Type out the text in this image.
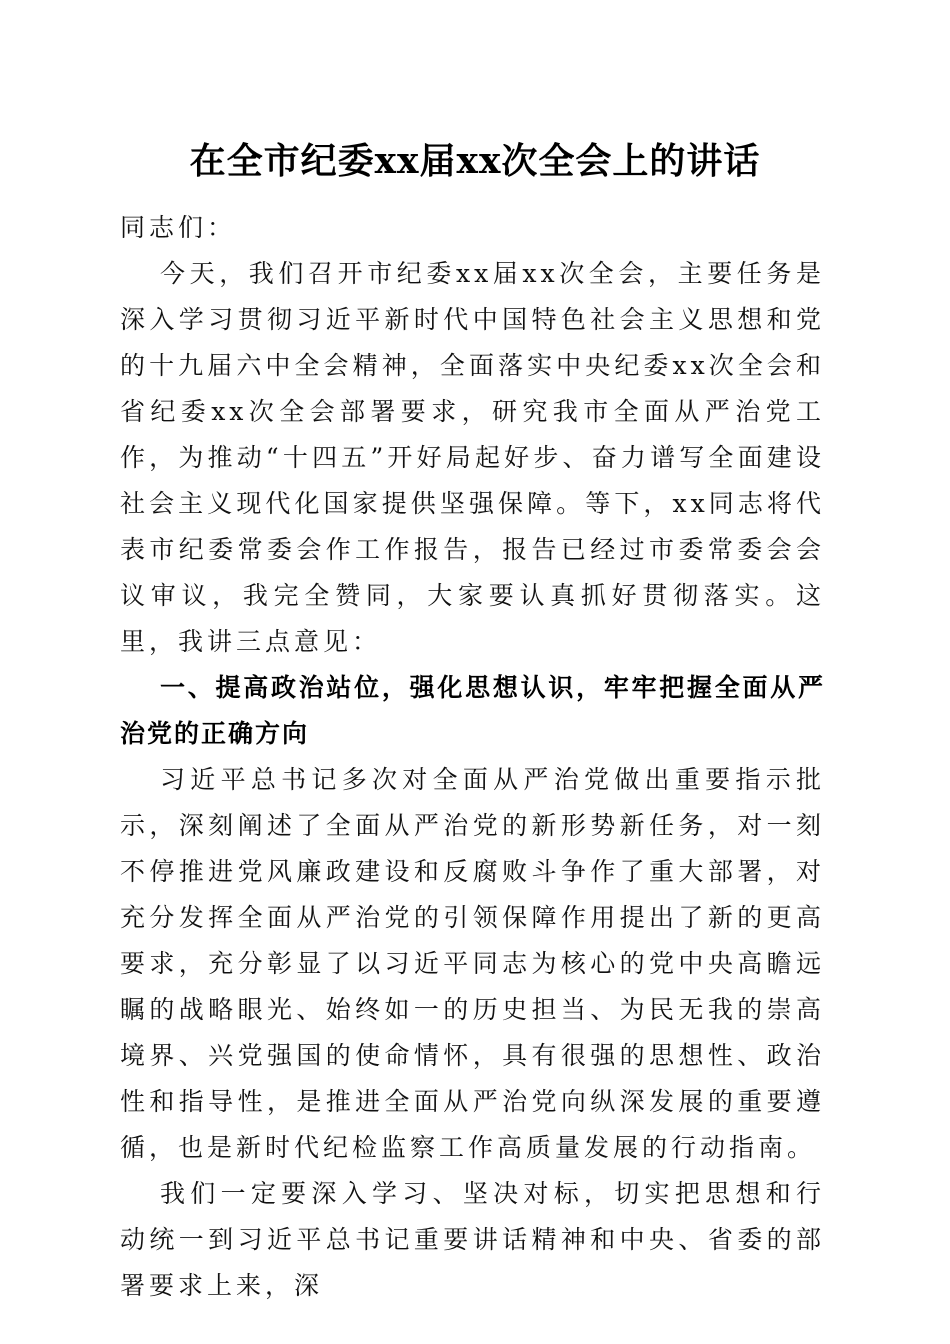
在全市纪委xx届xx次全会上的讲话

同志们：

今天，我们召开市纪委xx届xx次全会，主要任务是深入学习贯彻习近平新时代中国特色社会主义思想和党的十九届六中全会精神，全面落实中央纪委xx次全会和省纪委xx次全会部署要求，研究我市全面从严治党工作，为推动“十四五”开好局起好步、奋力谱写全面建设社会主义现代化国家提供坚强保障。等下，xx同志将代表市纪委常委会作工作报告，报告已经过市委常委会会议审议，我完全赞同，大家要认真抓好贯彻落实。这里，我讲三点意见：

一、提高政治站位，强化思想认识，牢牢把握全面从严治党的正确方向

习近平总书记多次对全面从严治党做出重要指示批示，深刻阐述了全面从严治党的新形势新任务，对一刻不停推进党风廉政建设和反腐败斗争作了重大部署，对充分发挥全面从严治党的引领保障作用提出了新的更高要求，充分彰显了以习近平同志为核心的党中央高瞻远瞩的战略眼光、始终如一的历史担当、为民无我的崇高境界、兴党强国的使命情怀，具有很强的思想性、政治性和指导性，是推进全面从严治党向纵深发展的重要遵循，也是新时代纪检监察工作高质量发展的行动指南。

我们一定要深入学习、坚决对标，切实把思想和行动统一到习近平总书记重要讲话精神和中央、省委的部署要求上来，深
